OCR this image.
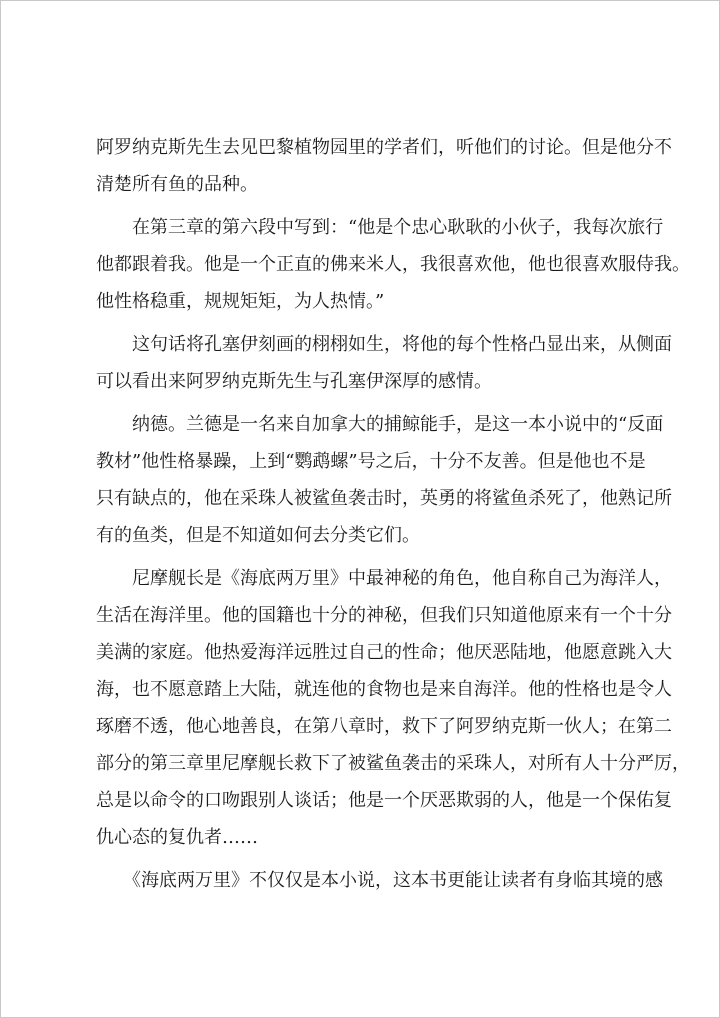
阿罗纳克斯先生去见巴黎植物园里的学者们，听他们的讨论。但是他分不
清楚所有鱼的品种。

　　在第三章的第六段中写到：“他是个忠心耿耿的小伙子，我每次旅行
他都跟着我。他是一个正直的佛来米人，我很喜欢他，他也很喜欢服侍我。
他性格稳重，规规矩矩，为人热情。”

　　这句话将孔塞伊刻画的栩栩如生，将他的每个性格凸显出来，从侧面
可以看出来阿罗纳克斯先生与孔塞伊深厚的感情。

　　纳德。兰德是一名来自加拿大的捕鲸能手，是这一本小说中的“反面
教材”他性格暴躁，上到“鹦鹉螺”号之后，十分不友善。但是他也不是
只有缺点的，他在采珠人被鲨鱼袭击时，英勇的将鲨鱼杀死了，他熟记所
有的鱼类，但是不知道如何去分类它们。

　　尼摩舰长是《海底两万里》中最神秘的角色，他自称自己为海洋人，
生活在海洋里。他的国籍也十分的神秘，但我们只知道他原来有一个十分
美满的家庭。他热爱海洋远胜过自己的性命；他厌恶陆地，他愿意跳入大
海，也不愿意踏上大陆，就连他的食物也是来自海洋。他的性格也是令人
琢磨不透，他心地善良，在第八章时，救下了阿罗纳克斯一伙人；在第二
部分的第三章里尼摩舰长救下了被鲨鱼袭击的采珠人，对所有人十分严厉，
总是以命令的口吻跟别人谈话；他是一个厌恶欺弱的人，他是一个保佑复
仇心态的复仇者……

　　《海底两万里》不仅仅是本小说，这本书更能让读者有身临其境的感
